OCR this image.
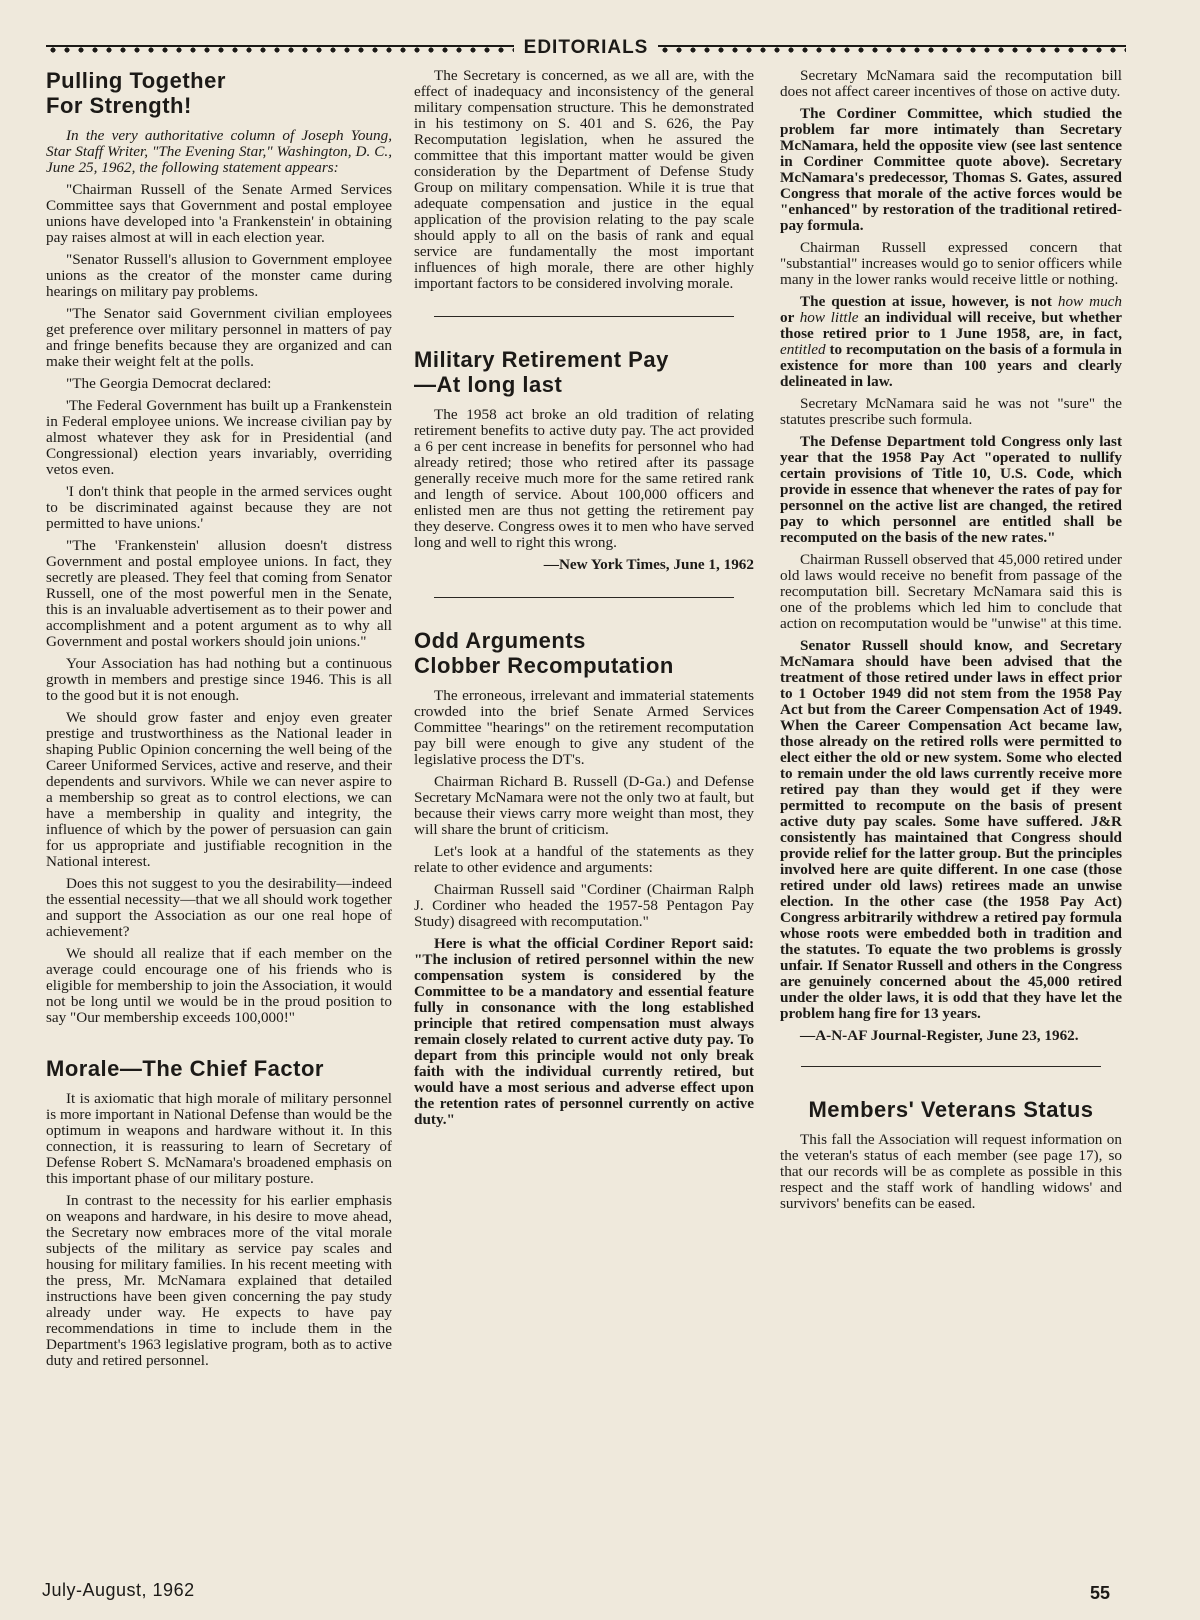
EDITORIALS
Pulling Together
For Strength!

In the very authoritative column of Joseph Young, Star Staff Writer, "The Evening Star," Washington, D. C., June 25, 1962, the following statement appears:

"Chairman Russell of the Senate Armed Services Committee says that Government and postal employee unions have developed into 'a Frankenstein' in obtaining pay raises almost at will in each election year.

"Senator Russell's allusion to Government employee unions as the creator of the monster came during hearings on military pay problems.

"The Senator said Government civilian employees get preference over military personnel in matters of pay and fringe benefits because they are organized and can make their weight felt at the polls.

"The Georgia Democrat declared:

'The Federal Government has built up a Frankenstein in Federal employee unions. We increase civilian pay by almost whatever they ask for in Presidential (and Congressional) election years invariably, overriding vetos even.

'I don't think that people in the armed services ought to be discriminated against because they are not permitted to have unions.'

"The 'Frankenstein' allusion doesn't distress Government and postal employee unions. In fact, they secretly are pleased. They feel that coming from Senator Russell, one of the most powerful men in the Senate, this is an invaluable advertisement as to their power and accomplishment and a potent argument as to why all Government and postal workers should join unions."

Your Association has had nothing but a continuous growth in members and prestige since 1946. This is all to the good but it is not enough.

We should grow faster and enjoy even greater prestige and trustworthiness as the National leader in shaping Public Opinion concerning the well being of the Career Uniformed Services, active and reserve, and their dependents and survivors. While we can never aspire to a membership so great as to control elections, we can have a membership in quality and integrity, the influence of which by the power of persuasion can gain for us appropriate and justifiable recognition in the National interest.

Does this not suggest to you the desirability—indeed the essential necessity—that we all should work together and support the Association as our one real hope of achievement?

We should all realize that if each member on the average could encourage one of his friends who is eligible for membership to join the Association, it would not be long until we would be in the proud position to say "Our membership exceeds 100,000!"

Morale—The Chief Factor

It is axiomatic that high morale of military personnel is more important in National Defense than would be the optimum in weapons and hardware without it. In this connection, it is reassuring to learn of Secretary of Defense Robert S. McNamara's broadened emphasis on this important phase of our military posture.

In contrast to the necessity for his earlier emphasis on weapons and hardware, in his desire to move ahead, the Secretary now embraces more of the vital morale subjects of the military as service pay scales and housing for military families. In his recent meeting with the press, Mr. McNamara explained that detailed instructions have been given concerning the pay study already under way. He expects to have pay recommendations in time to include them in the Department's 1963 legislative program, both as to active duty and retired personnel.

The Secretary is concerned, as we all are, with the effect of inadequacy and inconsistency of the general military compensation structure. This he demonstrated in his testimony on S. 401 and S. 626, the Pay Recomputation legislation, when he assured the committee that this important matter would be given consideration by the Department of Defense Study Group on military compensation. While it is true that adequate compensation and justice in the equal application of the provision relating to the pay scale should apply to all on the basis of rank and equal service are fundamentally the most important influences of high morale, there are other highly important factors to be considered involving morale.

Military Retirement Pay
—At long last

The 1958 act broke an old tradition of relating retirement benefits to active duty pay. The act provided a 6 per cent increase in benefits for personnel who had already retired; those who retired after its passage generally receive much more for the same retired rank and length of service. About 100,000 officers and enlisted men are thus not getting the retirement pay they deserve. Congress owes it to men who have served long and well to right this wrong.

—New York Times, June 1, 1962
Odd Arguments
Clobber Recomputation

The erroneous, irrelevant and immaterial statements crowded into the brief Senate Armed Services Committee "hearings" on the retirement recomputation pay bill were enough to give any student of the legislative process the DT's.

Chairman Richard B. Russell (D-Ga.) and Defense Secretary McNamara were not the only two at fault, but because their views carry more weight than most, they will share the brunt of criticism.

Let's look at a handful of the statements as they relate to other evidence and arguments:

Chairman Russell said "Cordiner (Chairman Ralph J. Cordiner who headed the 1957-58 Pentagon Pay Study) disagreed with recomputation."

Here is what the official Cordiner Report said: "The inclusion of retired personnel within the new compensation system is considered by the Committee to be a mandatory and essential feature fully in consonance with the long established principle that retired compensation must always remain closely related to current active duty pay. To depart from this principle would not only break faith with the individual currently retired, but would have a most serious and adverse effect upon the retention rates of personnel currently on active duty."

Secretary McNamara said the recomputation bill does not affect career incentives of those on active duty.

The Cordiner Committee, which studied the problem far more intimately than Secretary McNamara, held the opposite view (see last sentence in Cordiner Committee quote above). Secretary McNamara's predecessor, Thomas S. Gates, assured Congress that morale of the active forces would be "enhanced" by restoration of the traditional retired-pay formula.

Chairman Russell expressed concern that "substantial" increases would go to senior officers while many in the lower ranks would receive little or nothing.

The question at issue, however, is not how much or how little an individual will receive, but whether those retired prior to 1 June 1958, are, in fact, entitled to recomputation on the basis of a formula in existence for more than 100 years and clearly delineated in law.

Secretary McNamara said he was not "sure" the statutes prescribe such formula.

The Defense Department told Congress only last year that the 1958 Pay Act "operated to nullify certain provisions of Title 10, U.S. Code, which provide in essence that whenever the rates of pay for personnel on the active list are changed, the retired pay to which personnel are entitled shall be recomputed on the basis of the new rates."

Chairman Russell observed that 45,000 retired under old laws would receive no benefit from passage of the recomputation bill. Secretary McNamara said this is one of the problems which led him to conclude that action on recomputation would be "unwise" at this time.

Senator Russell should know, and Secretary McNamara should have been advised that the treatment of those retired under laws in effect prior to 1 October 1949 did not stem from the 1958 Pay Act but from the Career Compensation Act of 1949. When the Career Compensation Act became law, those already on the retired rolls were permitted to elect either the old or new system. Some who elected to remain under the old laws currently receive more retired pay than they would get if they were permitted to recompute on the basis of present active duty pay scales. Some have suffered. J&R consistently has maintained that Congress should provide relief for the latter group. But the principles involved here are quite different. In one case (those retired under old laws) retirees made an unwise election. In the other case (the 1958 Pay Act) Congress arbitrarily withdrew a retired pay formula whose roots were embedded both in tradition and the statutes. To equate the two problems is grossly unfair. If Senator Russell and others in the Congress are genuinely concerned about the 45,000 retired under the older laws, it is odd that they have let the problem hang fire for 13 years.

—A-N-AF Journal-Register, June 23, 1962.
Members' Veterans Status

This fall the Association will request information on the veteran's status of each member (see page 17), so that our records will be as complete as possible in this respect and the staff work of handling widows' and survivors' benefits can be eased.

July-August, 1962	55
